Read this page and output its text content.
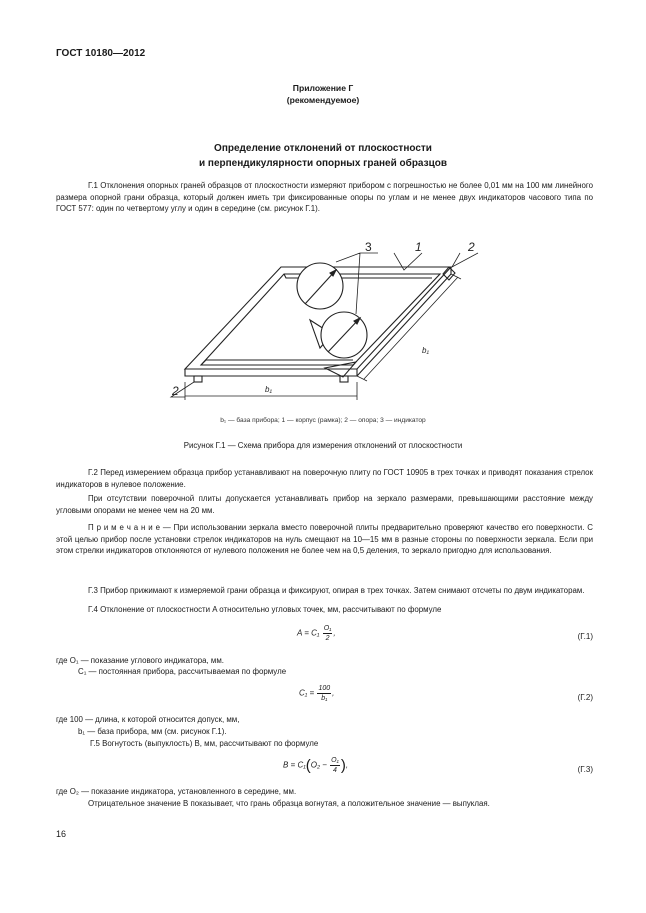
ГОСТ 10180—2012
Приложение Г
(рекомендуемое)
Определение отклонений от плоскостности
и перпендикулярности опорных граней образцов
Г.1 Отклонения опорных граней образцов от плоскостности измеряют прибором с погрешностью не более 0,01 мм на 100 мм линейного размера опорной грани образца, который должен иметь три фиксированные опоры по углам и не менее двух индикаторов часового типа по ГОСТ 577: один по четвертому углу и один в середине (см. рисунок Г.1).
3	1	2
2
b₁
b₁
b₁ — база прибора; 1 — корпус (рамка); 2 — опора; 3 — индикатор
Рисунок Г.1 — Схема прибора для измерения отклонений от плоскостности
Г.2 Перед измерением образца прибор устанавливают на поверочную плиту по ГОСТ 10905 в трех точках и приводят показания стрелок индикаторов в нулевое положение.
При отсутствии поверочной плиты допускается устанавливать прибор на зеркало размерами, превышающими расстояние между угловыми опорами не менее чем на 20 мм.
П р и м е ч а н и е — При использовании зеркала вместо поверочной плиты предварительно проверяют качество его поверхности. С этой целью прибор после установки стрелок индикаторов на нуль смещают на 10—15 мм в разные стороны по поверхности зеркала. Если при этом стрелки индикаторов отклоняются от нулевого положения не более чем на 0,5 деления, то зеркало пригодно для использования.
Г.3 Прибор прижимают к измеряемой грани образца и фиксируют, опирая в трех точках. Затем снимают отсчеты по двум индикаторам.
Г.4 Отклонение от плоскостности A относительно угловых точек, мм, рассчитывают по формуле
$A = C_1 \frac{\text{O₁}}{2}$ ,	(Г.1)
где O₁ — показание углового индикатора, мм.
C₁ — постоянная прибора, рассчитываемая по формуле
$C_1 = \frac{100}{\text{b₁}}$ ,	(Г.2)
где 100 — длина, к которой относится допуск, мм,
b₁ — база прибора, мм (см. рисунок Г.1).
Г.5 Вогнутость (выпуклость) B, мм, рассчитывают по формуле
$B = C_1(O_2 - \frac{\text{O₁}}{4}$ ),	(Г.3)
где O₂ — показание индикатора, установленного в середине, мм.
Отрицательное значение B показывает, что грань образца вогнутая, а положительное значение — выпуклая.
16
